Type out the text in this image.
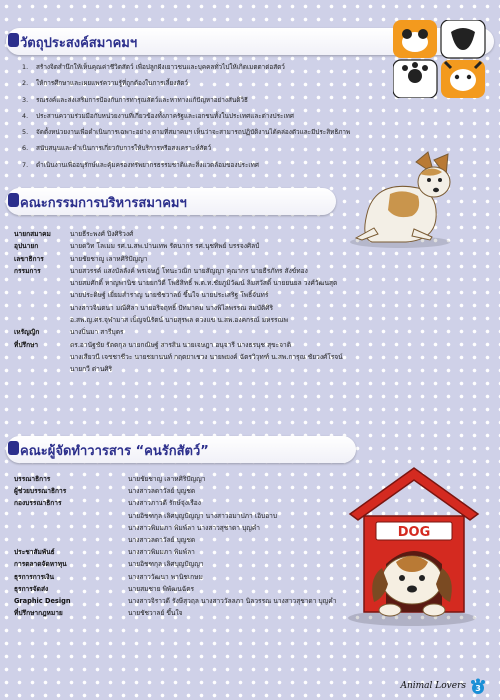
วัตถุประสงค์สมาคมฯ
1.	สร้างจิตสำนึกให้เห็นคุณค่าชีวิตสัตว์ เพื่อปลูกฝังเยาวชนและบุคคลทั่วไปให้เกิดเมตตาต่อสัตว์
2.	ให้การศึกษาและเผยแพร่ความรู้ที่ถูกต้องในการเลี้ยงสัตว์
3.	รณรงค์และส่งเสริมการป้องกันการทารุณสัตว์และหาทางแก้ปัญหาอย่างสันติวิธี
4.	ประสานความร่วมมือกับหน่วยงานที่เกี่ยวข้องทั้งภาครัฐและเอกชนทั้งในประเทศและต่างประเทศ
5.	จัดตั้งหน่วยงานเพื่อดำเนินการเฉพาะอย่าง ตามที่สมาคมฯ เห็นว่าจะสามารถปฏิบัติงานได้คล่องตัวและมีประสิทธิภาพ
6.	สนับสนุนและดำเนินการเกี่ยวกับการให้บริการหรือสงเคราะห์สัตว์
7.	ดำเนินงานเพื่ออนุรักษ์และคุ้มครองทรัพยากรธรรมชาติและสิ่งแวดล้อมของประเทศ
คณะกรรมการบริหารสมาคมฯ
นายกสมาคม	นายธีระพงศ์ ปิงศิริวงศ์
อุปนายก	นายดวิท โลเมม รศ.น.สพ.ปานเทพ รัตนากร รศ.นุชทิพย์ บรรจงศิลป์
เลขาธิการ	นายชัยชาญู เลาหศิริปัญญา
กรรมการ	นายสวรรค์ แสงบัลลังค์ พรเจษฎ์ โทนะวณิก นายสัญญา คุณากร นายธีรภัทร สังข์ทอง
นายสมศักดิ์ หาญพานิช นายยกวิตี โพธิสิทธิ์ พ.ต.ท.ชัยภูมิวัฒน์ ลิมสวัสดิ์ นายยนยล วงศ์วัฒนสุต
นายประดิษฐ์ เยี่ยมสำราญ นายชัชวาลย์ ขึ้นใจ นายประเสริฐ โพธิ์จันทร์
นางสาวจินตนา มณีศิลา นายอริจฤทธิ์ ปัทมาคม นางพิไลพรรณ สมบัติศิริ
อ.สพ.ญ.ศร.จุฬามาส เบ็ญจนิรัตน์ นายสุรพล ดวงแข น.สพ.องคกรณ์ มหรรณพ
เหรัญญิก	นางปิ่นมา สารีบุตร
ที่ปรึกษา	ดร.อานัฐชัย รัตตกุล นายกณิษฐ์ สารสิน นายเจษฎา อนุจารี นางธรนุช สุขะจาติ
นางเสียวนี เจชชาชีวะ นายชยานนท์ กฤตยาเชวง นายพยงค์ ฉัตรวิวุทฑ์ น.สพ.การุณ ชัยวงศ์โรจน์
นายกวี ด่านศิริ
คณะผู้จัดทำวารสาร “คนรักสัตว์”
DOG
บรรณาธิการ	นายชัยชาญ เลาหศิริปัญญา
ผู้ช่วยบรรณาธิการ	นางสาวลดาวัลย์ บุญชด
กองบรรณาธิการ	นางสาวภาวดี รักษ์จุ่งเรือง
นายอิชฑกุล เลิศบุญปัญญา นางสาวอมาปภา เอิบอาบ
นางสาวพิมมภา พิมพ์ลา นางสาวสุชาดา บุญคำ
นางสาวลดาวัลย์ บุญชด
ประชาสัมพันธ์	นางสาวพิมมภา พิมพ์ลา
การตลาดจัดหาทุน	นายอิชฑกุล เลิศบุญปัญญา
ธุรการการเงิน	นางสาววัฒนา พานิชเกษม
ธุรการจัดส่ง	นายสมชาย พิพัฒนฉัตร
Graphic Design	นางสาวจิราวดี รังษีสุวฤล นางสาววัลลภา นิลวรรณ นางสาวสุชาดา บุญคำ
ที่ปรึกษากฎหมาย	นายชัชวาลย์ ขึ้นใจ
Animal Lovers 3
